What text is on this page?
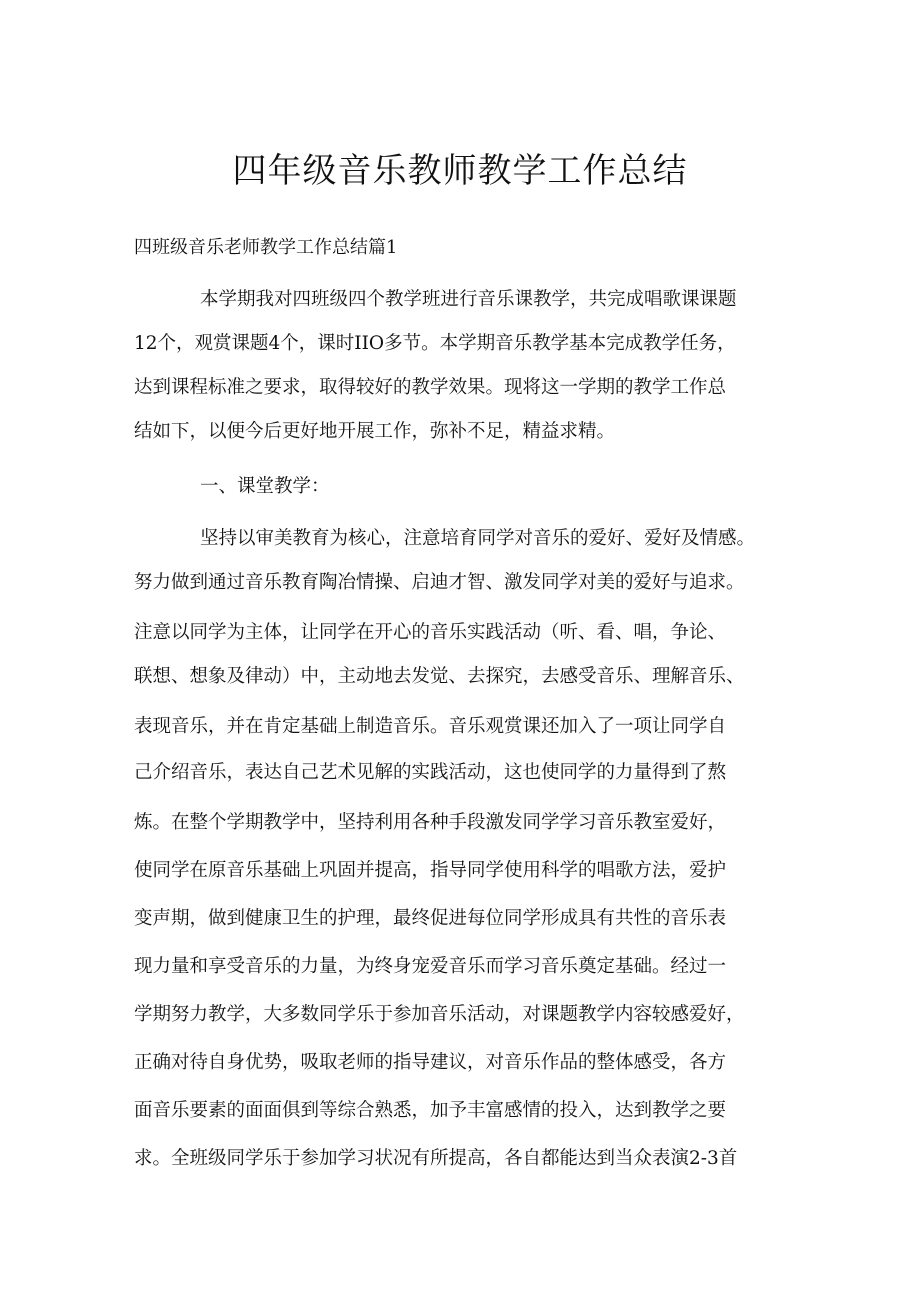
四年级音乐教师教学工作总结

四班级音乐老师教学工作总结篇1

本学期我对四班级四个教学班进行音乐课教学，共完成唱歌课课题

12个，观赏课题4个，课时IIO多节。本学期音乐教学基本完成教学任务，

达到课程标准之要求，取得较好的教学效果。现将这一学期的教学工作总

结如下，以便今后更好地开展工作，弥补不足，精益求精。

一、课堂教学：

坚持以审美教育为核心，注意培育同学对音乐的爱好、爱好及情感。

努力做到通过音乐教育陶冶情操、启迪才智、激发同学对美的爱好与追求。

注意以同学为主体，让同学在开心的音乐实践活动（听、看、唱，争论、

联想、想象及律动）中，主动地去发觉、去探究，去感受音乐、理解音乐、

表现音乐，并在肯定基础上制造音乐。音乐观赏课还加入了一项让同学自

己介绍音乐，表达自己艺术见解的实践活动，这也使同学的力量得到了熬

炼。在整个学期教学中，坚持利用各种手段激发同学学习音乐教室爱好，

使同学在原音乐基础上巩固并提高，指导同学使用科学的唱歌方法，爱护

变声期，做到健康卫生的护理，最终促进每位同学形成具有共性的音乐表

现力量和享受音乐的力量，为终身宠爱音乐而学习音乐奠定基础。经过一

学期努力教学，大多数同学乐于参加音乐活动，对课题教学内容较感爱好，

正确对待自身优势，吸取老师的指导建议，对音乐作品的整体感受，各方

面音乐要素的面面俱到等综合熟悉，加予丰富感情的投入，达到教学之要

求。全班级同学乐于参加学习状况有所提高，各自都能达到当众表演2-3首
